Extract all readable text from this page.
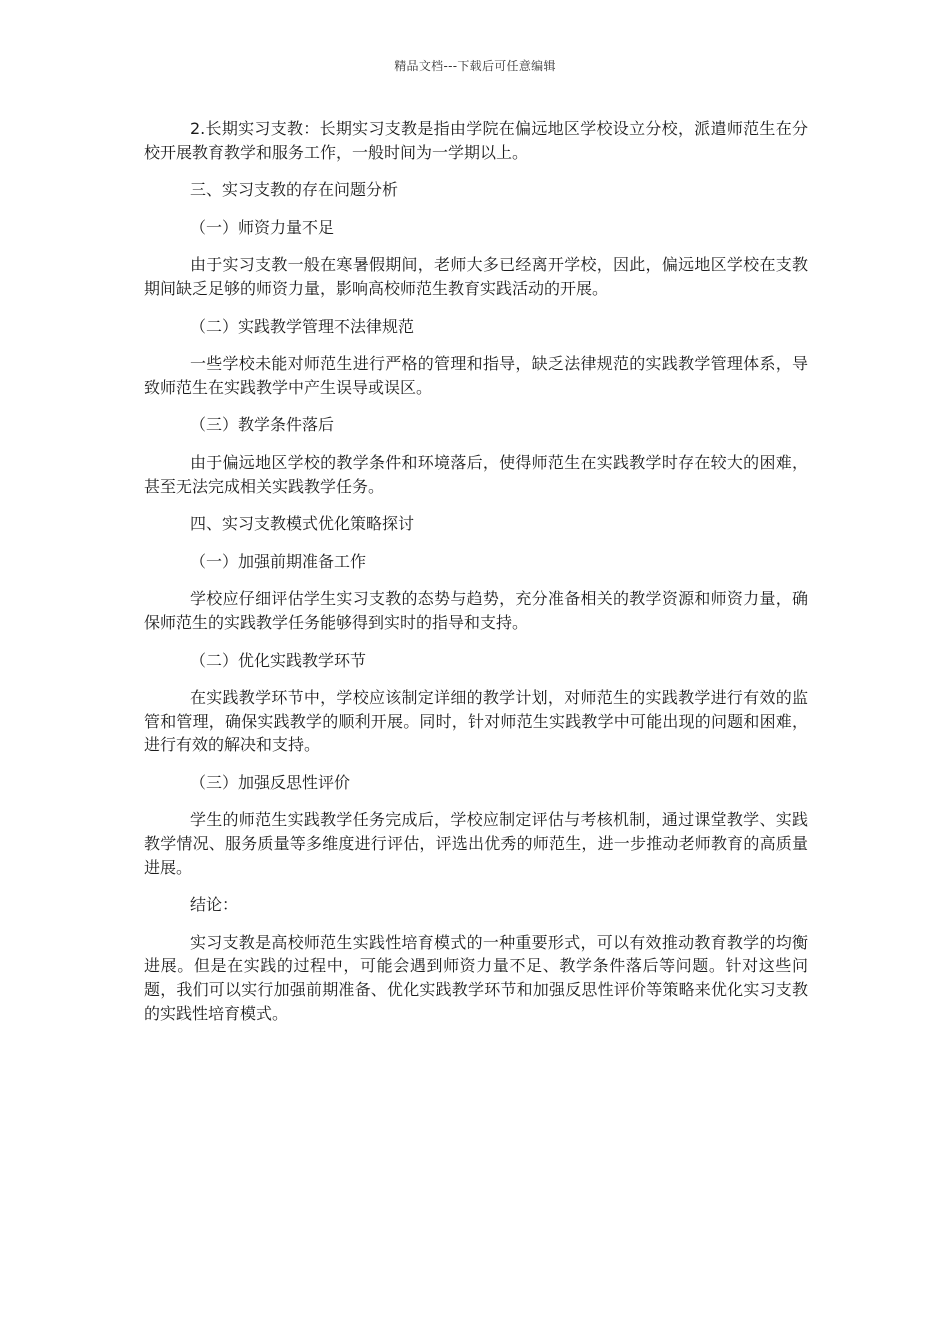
精品文档---下载后可任意编辑

2.长期实习支教：长期实习支教是指由学院在偏远地区学校设立分校，派遣师范生在分校开展教育教学和服务工作，一般时间为一学期以上。

三、实习支教的存在问题分析

（一）师资力量不足

由于实习支教一般在寒暑假期间，老师大多已经离开学校，因此，偏远地区学校在支教期间缺乏足够的师资力量，影响高校师范生教育实践活动的开展。

（二）实践教学管理不法律规范

一些学校未能对师范生进行严格的管理和指导，缺乏法律规范的实践教学管理体系，导致师范生在实践教学中产生误导或误区。

（三）教学条件落后

由于偏远地区学校的教学条件和环境落后，使得师范生在实践教学时存在较大的困难，甚至无法完成相关实践教学任务。

四、实习支教模式优化策略探讨

（一）加强前期准备工作

学校应仔细评估学生实习支教的态势与趋势，充分准备相关的教学资源和师资力量，确保师范生的实践教学任务能够得到实时的指导和支持。

（二）优化实践教学环节

在实践教学环节中，学校应该制定详细的教学计划，对师范生的实践教学进行有效的监管和管理，确保实践教学的顺利开展。同时，针对师范生实践教学中可能出现的问题和困难，进行有效的解决和支持。

（三）加强反思性评价

学生的师范生实践教学任务完成后，学校应制定评估与考核机制，通过课堂教学、实践教学情况、服务质量等多维度进行评估，评选出优秀的师范生，进一步推动老师教育的高质量进展。

结论：

实习支教是高校师范生实践性培育模式的一种重要形式，可以有效推动教育教学的均衡进展。但是在实践的过程中，可能会遇到师资力量不足、教学条件落后等问题。针对这些问题，我们可以实行加强前期准备、优化实践教学环节和加强反思性评价等策略来优化实习支教的实践性培育模式。
